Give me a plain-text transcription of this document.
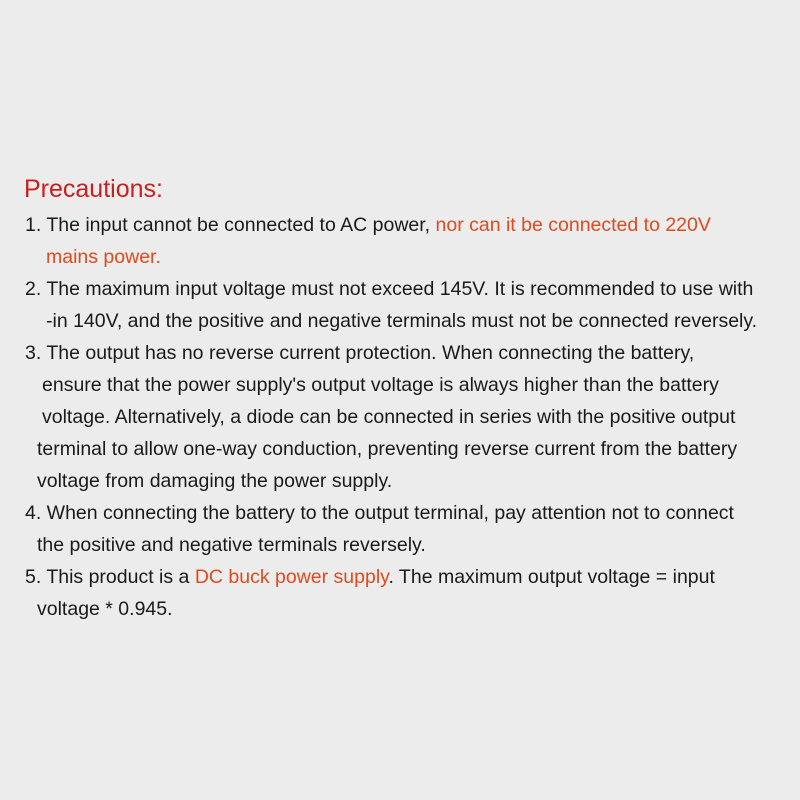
Precautions:
1. The input cannot be connected to AC power, nor can it be connected to 220V
mains power.
2. The maximum input voltage must not exceed 145V. It is recommended to use with
-in 140V, and the positive and negative terminals must not be connected reversely.
3. The output has no reverse current protection. When connecting the battery,
ensure that the power supply's output voltage is always higher than the battery
voltage. Alternatively, a diode can be connected in series with the positive output
terminal to allow one-way conduction, preventing reverse current from the battery
voltage from damaging the power supply.
4. When connecting the battery to the output terminal, pay attention not to connect
the positive and negative terminals reversely.
5. This product is a DC buck power supply. The maximum output voltage = input
voltage * 0.945.
